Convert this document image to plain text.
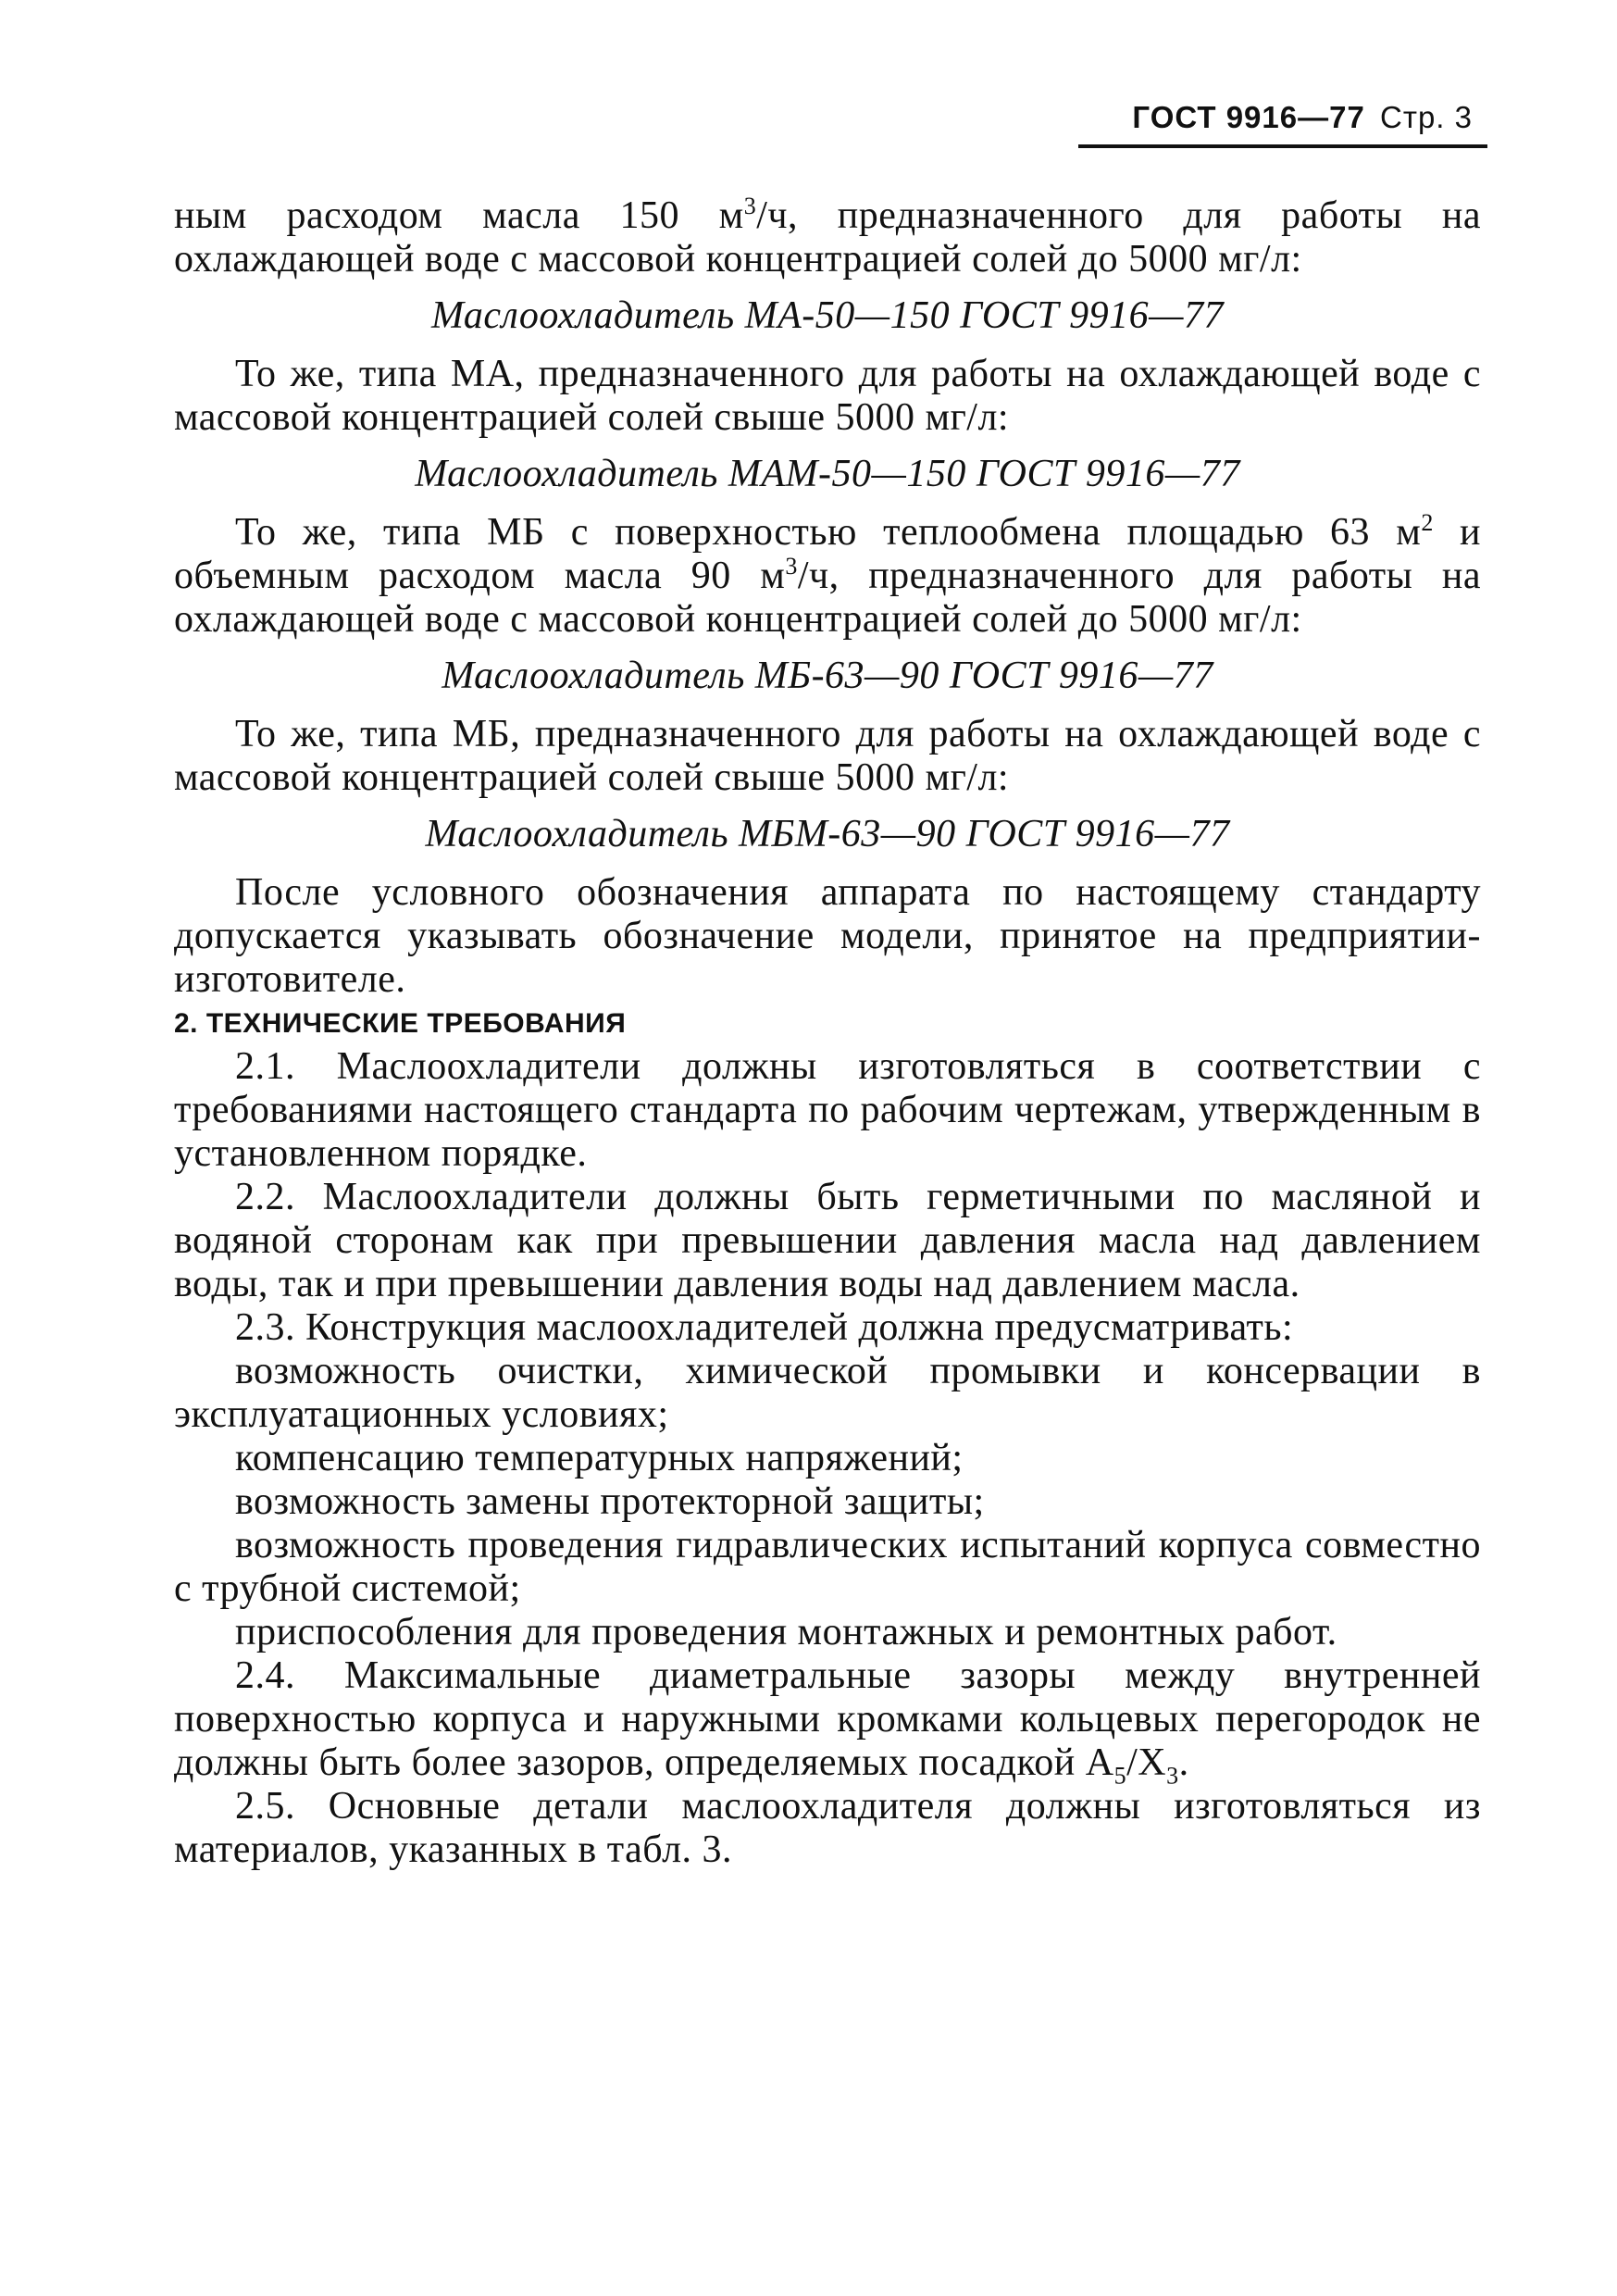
ГОСТ 9916—77 Стр. 3

ным расходом масла 150 $м^3/ч$, предназначенного для работы на охлаждающей воде с массовой концентрацией солей до 5000 мг/л:

Маслоохладитель МА-50—150 ГОСТ 9916—77

То же, типа МА, предназначенного для работы на охлаждающей воде с массовой концентрацией солей свыше 5000 мг/л:

Маслоохладитель МАМ-50—150 ГОСТ 9916—77

То же, типа МБ с поверхностью теплообмена площадью 63 $м^2$ и объемным расходом масла 90 $м^3/ч$, предназначенного для работы на охлаждающей воде с массовой концентрацией солей до 5000 мг/л:

Маслоохладитель МБ-63—90 ГОСТ 9916—77

То же, типа МБ, предназначенного для работы на охлаждающей воде с массовой концентрацией солей свыше 5000 мг/л:

Маслоохладитель МБМ-63—90 ГОСТ 9916—77

После условного обозначения аппарата по настоящему стандарту допускается указывать обозначение модели, принятое на предприятии-изготовителе.

2. ТЕХНИЧЕСКИЕ ТРЕБОВАНИЯ

2.1. Маслоохладители должны изготовляться в соответствии с требованиями настоящего стандарта по рабочим чертежам, утвержденным в установленном порядке.

2.2. Маслоохладители должны быть герметичными по масляной и водяной сторонам как при превышении давления масла над давлением воды, так и при превышении давления воды над давлением масла.

2.3. Конструкция маслоохладителей должна предусматривать:

возможность очистки, химической промывки и консервации в эксплуатационных условиях;

компенсацию температурных напряжений;

возможность замены протекторной защиты;

возможность проведения гидравлических испытаний корпуса совместно с трубной системой;

приспособления для проведения монтажных и ремонтных работ.

2.4. Максимальные диаметральные зазоры между внутренней поверхностью корпуса и наружными кромками кольцевых перегородок не должны быть более зазоров, определяемых посадкой $А_5/Х_3$.

2.5. Основные детали маслоохладителя должны изготовляться из материалов, указанных в табл. 3.
